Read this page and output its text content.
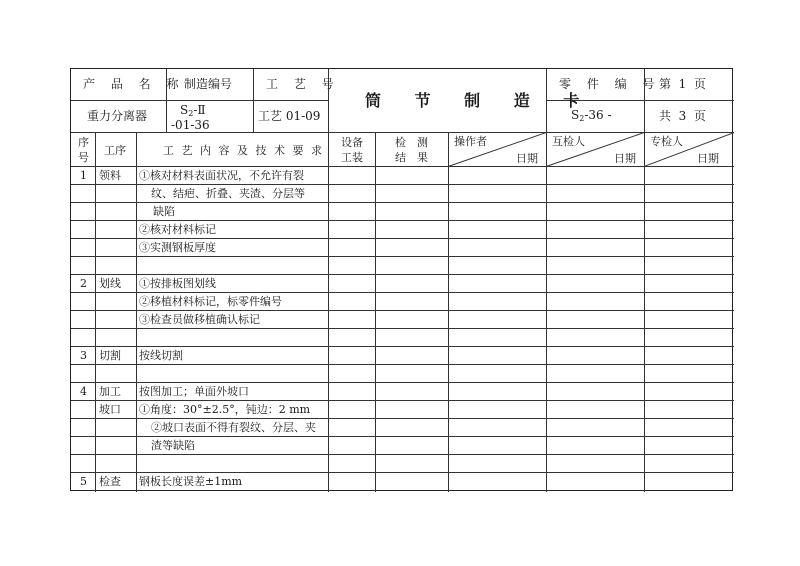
产 品 名 称
重力分离器
制造编号
$S_2-Ⅱ$
-01-36
工 艺 号
工艺 01-09
筒 节 制 造 卡
零 件 编 号
$S_2-36$ -
第  1  页
共  3  页
序
号
工序	工 艺 内 容 及 技 术 要 求
设备
工装
检　测
结　果
操作者
日期
互检人
日期
专检人
日期
1 领料 ①核对材料表面状况，不允许有裂
纹、结疤、折叠、夹渣、分层等
缺陷
②核对材料标记
③实测钢板厚度
2 划线 ①按排板图划线
②移植材料标记，标零件编号
③检查员做移植确认标记
3 切割 按线切割
4 加工 按图加工；单面外坡口
坡口 ①角度：30°±2.5°，钝边：2 mm
②坡口表面不得有裂纹、分层、夹
渣等缺陷
5 检查 钢板长度误差±1mm
